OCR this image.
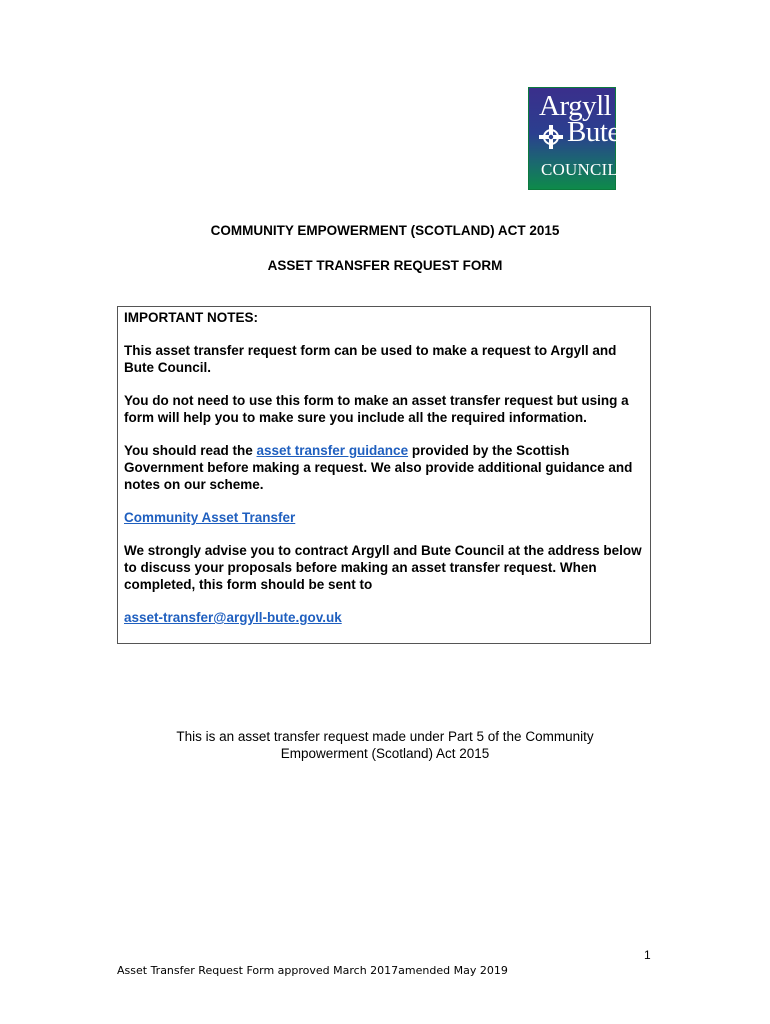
Argyll
Bute
COUNCIL
COMMUNITY EMPOWERMENT (SCOTLAND) ACT 2015
ASSET TRANSFER REQUEST FORM

IMPORTANT NOTES:

This asset transfer request form can be used to make a request to Argyll and Bute Council.

You do not need to use this form to make an asset transfer request but using a form will help you to make sure you include all the required information.

You should read the asset transfer guidance provided by the Scottish Government before making a request. We also provide additional guidance and notes on our scheme.

Community Asset Transfer

We strongly advise you to contract Argyll and Bute Council at the address below to discuss your proposals before making an asset transfer request. When completed, this form should be sent to

asset-transfer@argyll-bute.gov.uk

This is an asset transfer request made under Part 5 of the Community
Empowerment (Scotland) Act 2015
1
Asset Transfer Request Form approved March 2017amended May 2019
